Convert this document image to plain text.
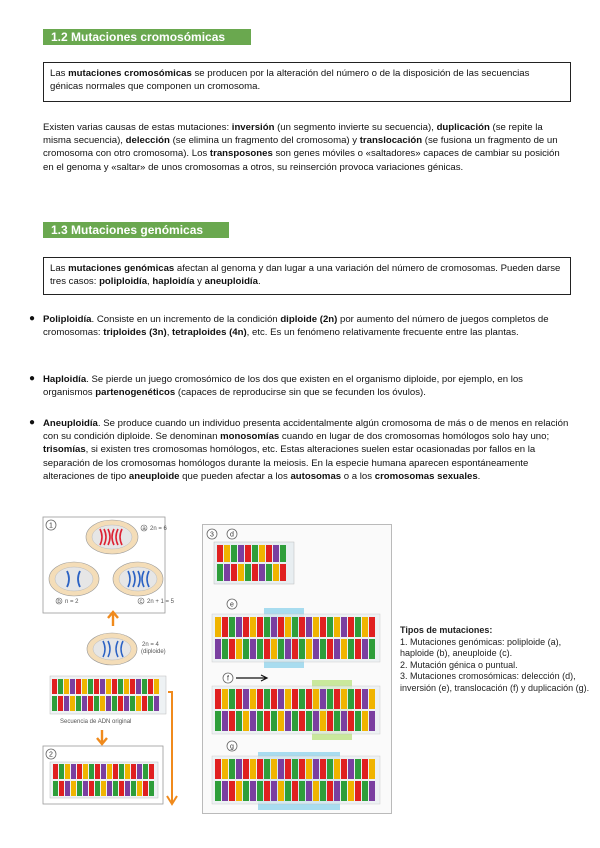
1.2 Mutaciones cromosómicas
Las mutaciones cromosómicas se producen por la alteración del número o de la disposición de las secuencias génicas normales que componen un cromosoma.
Existen varias causas de estas mutaciones: inversión (un segmento invierte su secuencia), duplicación (se repite la misma secuencia), delección (se elimina un fragmento del cromosoma) y translocación (se fusiona un fragmento de un cromosoma con otro cromosoma). Los transposones son genes móviles o «saltadores» capaces de cambiar su posición en el genoma y «saltar» de unos cromosomas a otros, su reinserción provoca variaciones génicas.
1.3 Mutaciones genómicas
Las mutaciones genómicas afectan al genoma y dan lugar a una variación del número de cromosomas. Pueden darse tres casos: poliploidía, haploidía y aneuploidía.
● Poliploidía. Consiste en un incremento de la condición diploide (2n) por aumento del número de juegos completos de cromosomas: triploides (3n), tetraploides (4n), etc. Es un fenómeno relativamente frecuente entre las plantas.
● Haploidía. Se pierde un juego cromosómico de los dos que existen en el organismo diploide, por ejemplo, en los organismos partenogenéticos (capaces de reproducirse sin que se fecunden los óvulos).
● Aneuploidía. Se produce cuando un individuo presenta accidentalmente algún cromosoma de más o de menos en relación con su condición diploide. Se denominan monosomías cuando en lugar de dos cromosomas homólogos solo hay uno; trisomías, si existen tres cromosomas homólogos, etc. Estas alteraciones suelen estar ocasionadas por fallos en la separación de los cromosomas homólogos durante la meiosis. En la especie humana aparecen espontáneamente alteraciones de tipo aneuploide que pueden afectar a los autosomas o a los cromosomas sexuales.
1	a 2n = 6
b n = 2	c 2n + 1 = 5
2n = 4
(diploide)
Secuencia de ADN original
2
3 d
e
f
g
Tipos de mutaciones:
1. Mutaciones genómicas: poliploide (a), haploide (b), aneuploide (c).
2. Mutación génica o puntual.
3. Mutaciones cromosómicas: delección (d), inversión (e), translocación (f) y duplicación (g).
